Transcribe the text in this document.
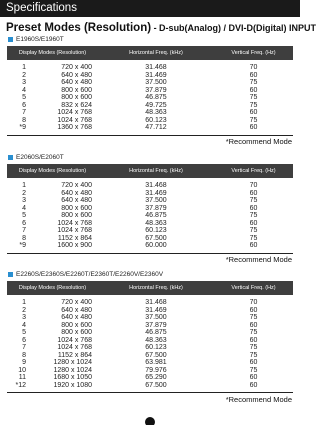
Specifications
Preset Modes (Resolution) - D-sub(Analog) / DVI-D(Digital) INPUT
E1960S/E1960T
Display Modes (Resolution)		Horizontal Freq. (kHz)	Vertical Freq. (Hz)
1	720 x 400	31.468	70
2	640 x 480	31.469	60
3	640 x 480	37.500	75
4	800 x 600	37.879	60
5	800 x 600	46.875	75
6	832 x 624	49.725	75
7	1024 x 768	48.363	60
8	1024 x 768	60.123	75
*9	1360 x 768	47.712	60
*Recommend Mode
E2060S/E2060T
Display Modes (Resolution)		Horizontal Freq. (kHz)	Vertical Freq. (Hz)
1	720 x 400	31.468	70
2	640 x 480	31.469	60
3	640 x 480	37.500	75
4	800 x 600	37.879	60
5	800 x 600	46.875	75
6	1024 x 768	48.363	60
7	1024 x 768	60.123	75
8	1152 x 864	67.500	75
*9	1600 x 900	60.000	60
*Recommend Mode
E2260S/E2360S/E2260T/E2360T/E2260V/E2360V
Display Modes (Resolution)		Horizontal Freq. (kHz)	Vertical Freq. (Hz)
1	720 x 400	31.468	70
2	640 x 480	31.469	60
3	640 x 480	37.500	75
4	800 x 600	37.879	60
5	800 x 600	46.875	75
6	1024 x 768	48.363	60
7	1024 x 768	60.123	75
8	1152 x 864	67.500	75
9	1280 x 1024	63.981	60
10	1280 x 1024	79.976	75
11	1680 x 1050	65.290	60
*12	1920 x 1080	67.500	60
*Recommend Mode
